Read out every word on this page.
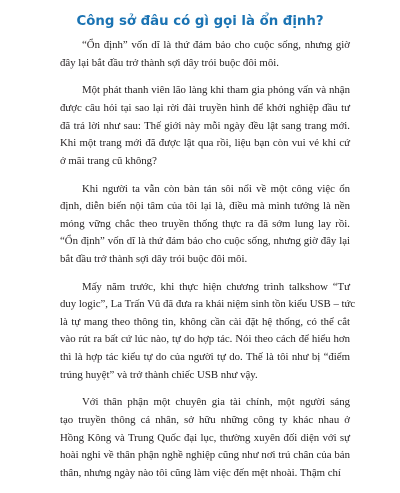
Công sở đâu có gì gọi là ổn định?

“Ổn định” vốn dĩ là thứ đảm bảo cho cuộc sống, nhưng giờ
đây lại bắt đầu trở thành sợi dây trói buộc đôi môi.

Một phát thanh viên lão làng khi tham gia phỏng vấn và nhận
được câu hỏi tại sao lại rời đài truyền hình để khởi nghiệp đầu tư
đã trả lời như sau: Thế giới này mỗi ngày đều lật sang trang mới.
Khi một trang mới đã được lật qua rồi, liệu bạn còn vui vẻ khi cứ
ở mãi trang cũ không?

Khi người ta vẫn còn bàn tán sôi nổi về một công việc ổn
định, diễn biến nội tâm của tôi lại là, điều mà mình tưởng là nền
móng vững chắc theo truyền thống thực ra đã sớm lung lay rồi.
“Ổn định” vốn dĩ là thứ đảm bảo cho cuộc sống, nhưng giờ đây lại
bắt đầu trở thành sợi dây trói buộc đôi môi.

Mấy năm trước, khi thực hiện chương trình talkshow “Tư
duy logic”, La Trấn Vũ đã đưa ra khái niệm sinh tồn kiểu USB – tức
là tự mang theo thông tin, không cần cài đặt hệ thống, có thể cắt
vào rút ra bất cứ lúc nào, tự do hợp tác. Nói theo cách để hiểu hơn
thì là hợp tác kiểu tự do của người tự do. Thế là tôi như bị “điểm
trúng huyệt” và trở thành chiếc USB như vậy.

Với thân phận một chuyên gia tài chính, một người sáng
tạo truyền thông cá nhân, sở hữu những công ty khác nhau ở
Hồng Kông và Trung Quốc đại lục, thường xuyên đối diện với sự
hoài nghi về thân phận nghề nghiệp cũng như nơi trú chân của bản
thân, nhưng ngày nào tôi cũng làm việc đến mệt nhoài. Thậm chí
